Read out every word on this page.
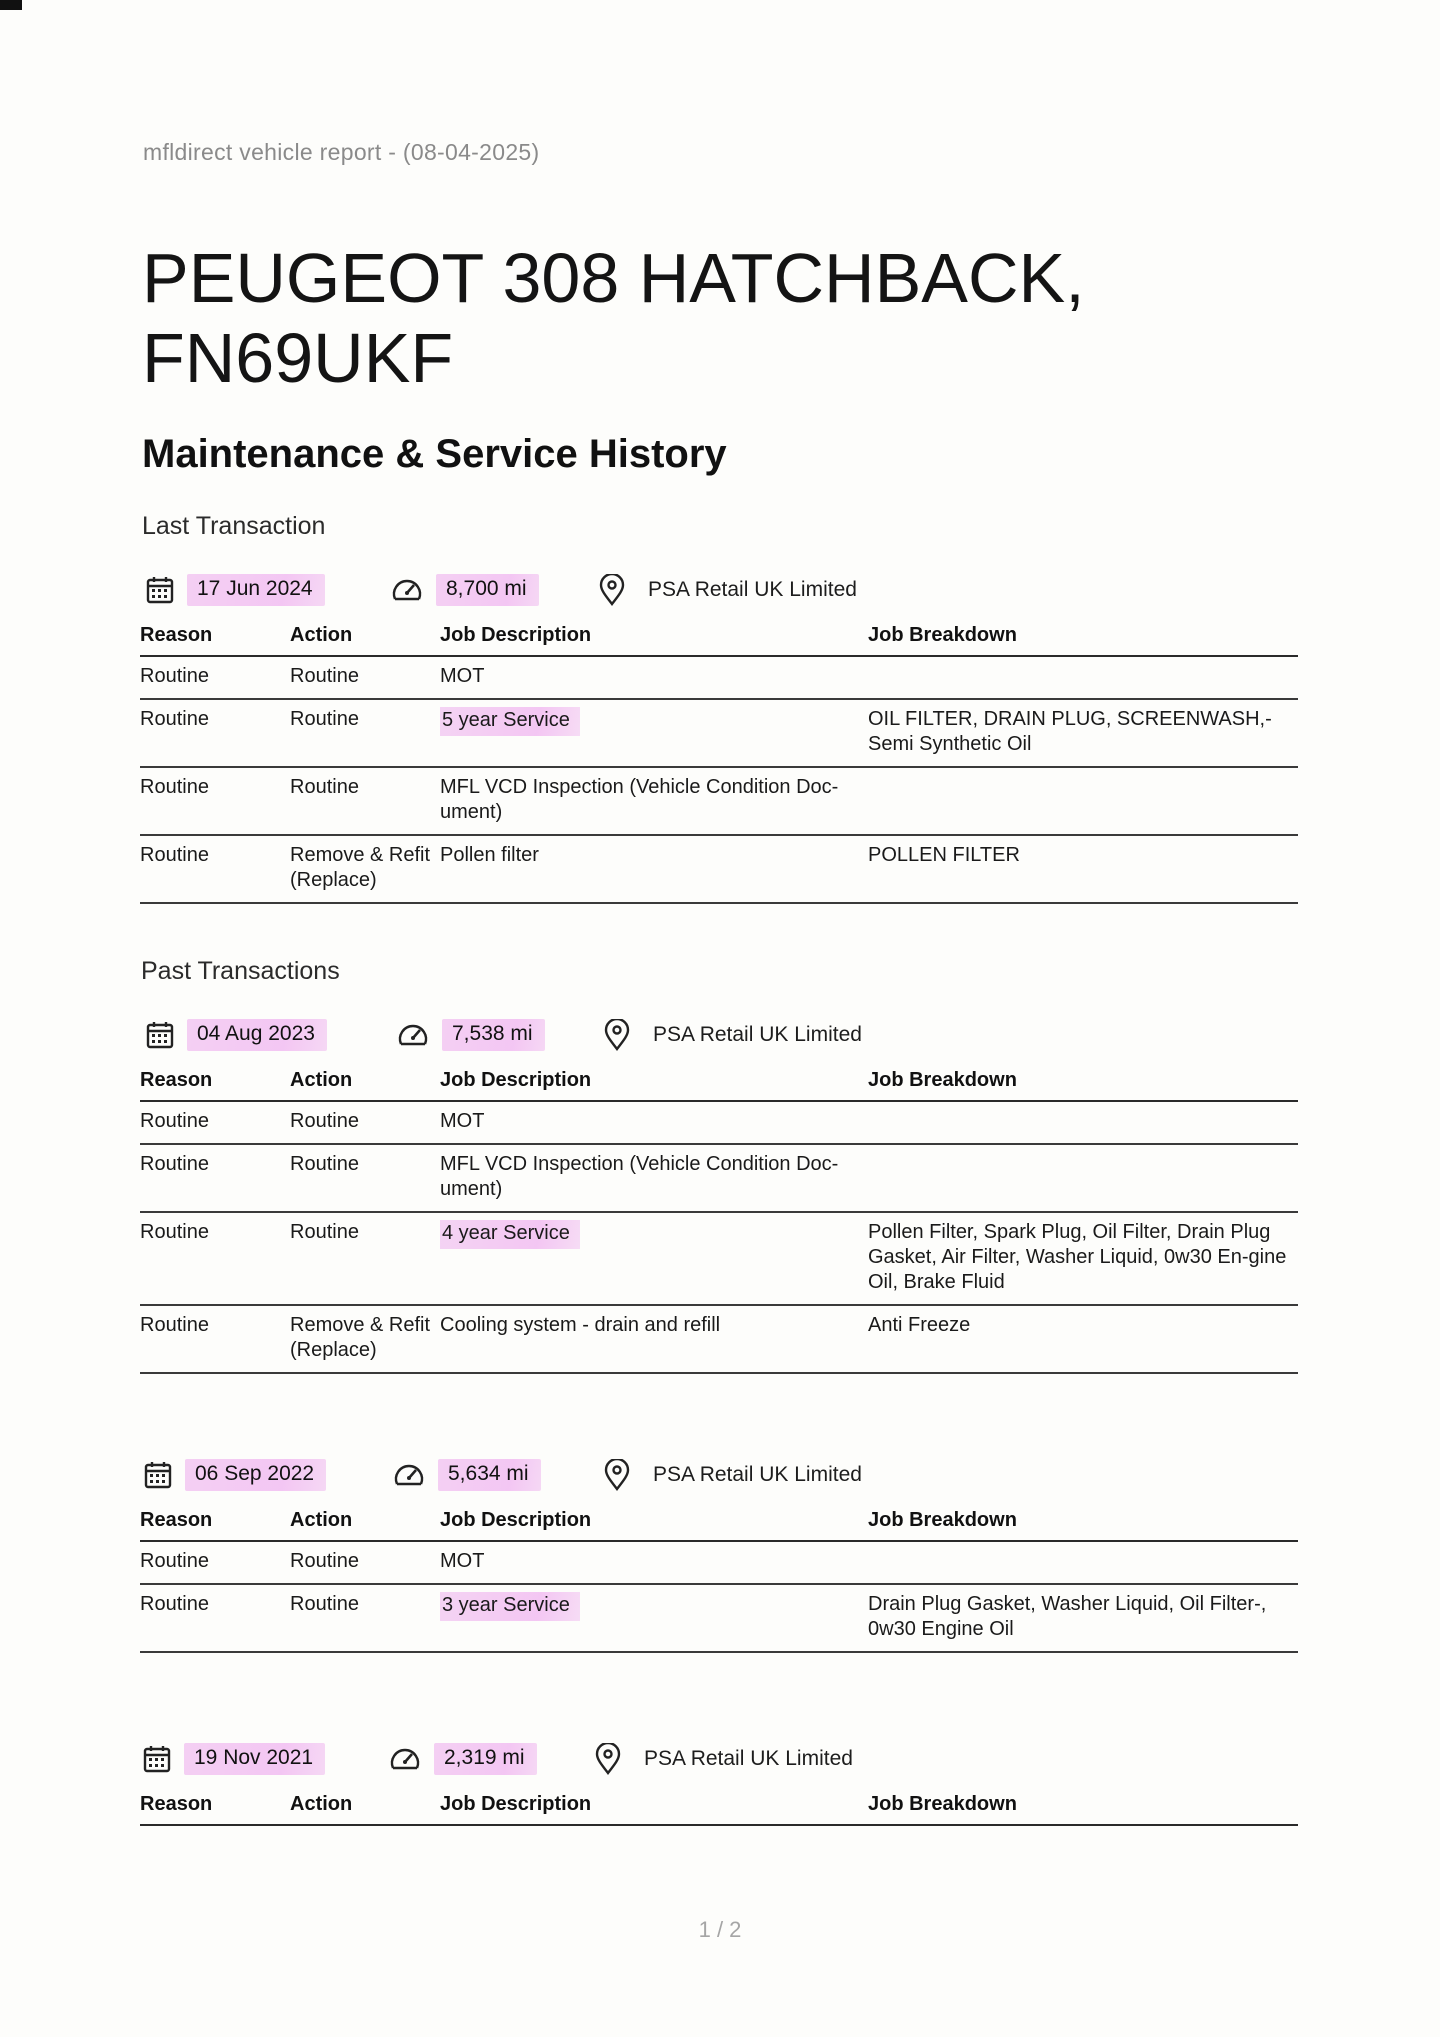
mfldirect vehicle report - (08-04-2025)
PEUGEOT 308 HATCHBACK,
FN69UKF
Maintenance & Service History
Last Transaction
17 Jun 2024	8,700 mi	PSA Retail UK Limited
Reason	Action	Job Description	Job Breakdown
Routine	Routine	MOT	
Routine	Routine	5 year Service	OIL FILTER, DRAIN PLUG, SCREENWASH,-Semi Synthetic Oil
Routine	Routine	MFL VCD Inspection (Vehicle Condition Doc-ument)	
Routine	Remove & Refit (Replace)	Pollen filter	POLLEN FILTER
Past Transactions
04 Aug 2023	7,538 mi	PSA Retail UK Limited
Reason	Action	Job Description	Job Breakdown
Routine	Routine	MOT	
Routine	Routine	MFL VCD Inspection (Vehicle Condition Doc-ument)	
Routine	Routine	4 year Service	Pollen Filter, Spark Plug, Oil Filter, Drain Plug Gasket, Air Filter, Washer Liquid, 0w30 En-gine Oil, Brake Fluid
Routine	Remove & Refit (Replace)	Cooling system - drain and refill	Anti Freeze
06 Sep 2022	5,634 mi	PSA Retail UK Limited
Reason	Action	Job Description	Job Breakdown
Routine	Routine	MOT	
Routine	Routine	3 year Service	Drain Plug Gasket, Washer Liquid, Oil Filter-, 0w30 Engine Oil
19 Nov 2021	2,319 mi	PSA Retail UK Limited
Reason	Action	Job Description	Job Breakdown
1 / 2
